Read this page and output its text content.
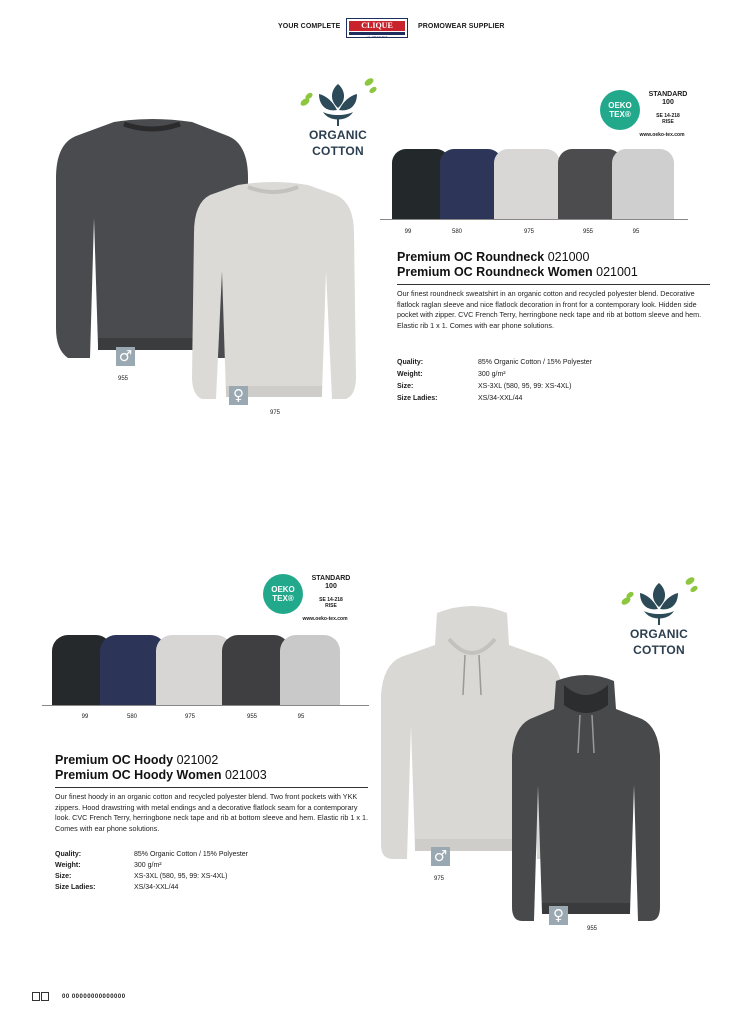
YOUR COMPLETE	CLIQUE
ref. WEAR TEX
PROMOWEAR SUPPLIER
ORGANIC
COTTON
♂
955
♀
975
OEKO
TEX®
STANDARD
100
SE 14-218
RISE
www.oeko-tex.com
99	580	975	955	95
Premium OC Roundneck 021000
Premium OC Roundneck Women 021001
Our finest roundneck sweatshirt in an organic cotton and recycled polyester blend. Decorative flatlock raglan sleeve and nice flatlock decoration in front for a contemporary look. Hidden side pocket with zipper. CVC French Terry, herringbone neck tape and rib at bottom sleeve and hem. Elastic rib 1 x 1. Comes with ear phone solutions.
Quality:	85% Organic Cotton / 15% Polyester
Weight:	300 g/m²
Size:	XS-3XL (580, 95, 99: XS-4XL)
Size Ladies:	XS/34-XXL/44
OEKO
TEX®
STANDARD
100
SE 14-218
RISE
www.oeko-tex.com
99	580	975	955	95
Premium OC Hoody 021002
Premium OC Hoody Women 021003
Our finest hoody in an organic cotton and recycled polyester blend. Two front pockets with YKK zippers. Hood drawstring with metal endings and a decorative flatlock seam for a contemporary look. CVC French Terry, herringbone neck tape and rib at bottom sleeve and hem. Elastic rib 1 x 1. Comes with ear phone solutions.
Quality:	85% Organic Cotton / 15% Polyester
Weight:	300 g/m²
Size:	XS-3XL (580, 95, 99: XS-4XL)
Size Ladies:	XS/34-XXL/44
ORGANIC
COTTON
♂
975
♀
955
00 00000000000000
